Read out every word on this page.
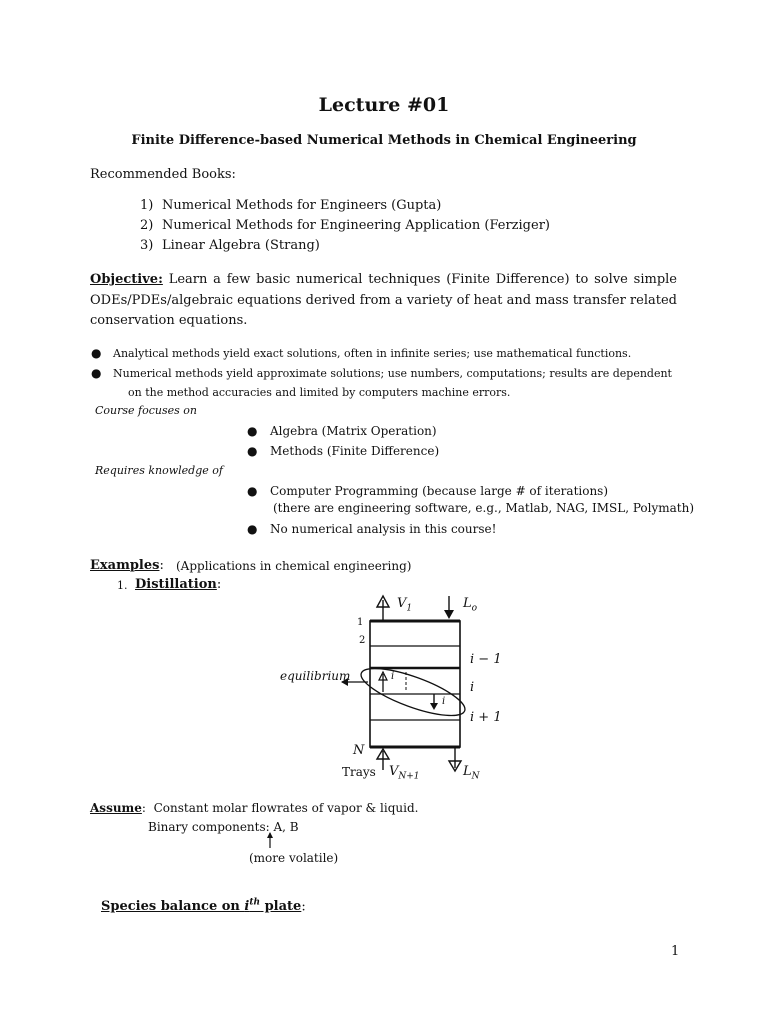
Lecture #01
Finite Difference-based Numerical Methods in Chemical Engineering
Recommended Books:
1) Numerical Methods for Engineers (Gupta)
2) Numerical Methods for Engineering Application (Ferziger)
3) Linear Algebra (Strang)
Objective: Learn a few basic numerical techniques (Finite Difference) to solve simple ODEs/PDEs/algebraic equations derived from a variety of heat and mass transfer related conservation equations.
● Analytical methods yield exact solutions, often in infinite series; use mathematical functions.
● Numerical methods yield approximate solutions; use numbers, computations; results are dependent
on the method accuracies and limited by computers machine errors.
Course focuses on
● Algebra (Matrix Operation)
● Methods (Finite Difference)
Requires knowledge of
● Computer Programming (because large # of iterations)
(there are engineering software, e.g., Matlab, NAG, IMSL, Polymath)
● No numerical analysis in this course!
Examples: (Applications in chemical engineering)
1. Distillation:
$V_1$	$L_o$
1
2
i − 1
i
i + 1
equilibrium	i
i
N
Trays $V_{N+1}$	$L_N$
Assume: Constant molar flowrates of vapor & liquid.
Binary components: A, B
(more volatile)
Species balance on $i^{th}$ plate:
1
